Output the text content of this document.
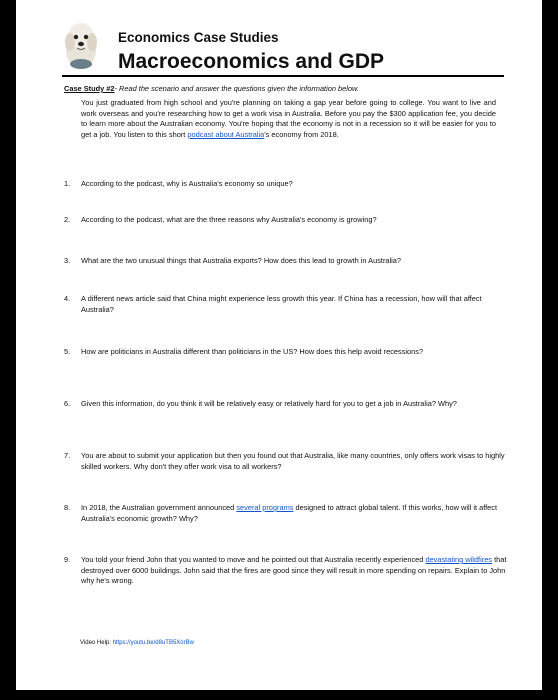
Economics Case Studies
Macroeconomics and GDP
Case Study #2- Read the scenario and answer the questions given the information below.
You just graduated from high school and you're planning on taking a gap year before going to college. You want to live and work overseas and you're researching how to get a work visa in Australia. Before you pay the $300 application fee, you decide to learn more about the Australian economy. You're hoping that the economy is not in a recession so it will be easier for you to get a job. You listen to this short podcast about Australia's economy from 2018.
1. According to the podcast, why is Australia's economy so unique?
2. According to the podcast, what are the three reasons why Australia's economy is growing?
3. What are the two unusual things that Australia exports? How does this lead to growth in Australia?
4. A different news article said that China might experience less growth this year. If China has a recession, how will that affect Australia?
5. How are politicians in Australia different than politicians in the US? How does this help avoid recessions?
6. Given this information, do you think it will be relatively easy or relatively hard for you to get a job in Australia? Why?
7. You are about to submit your application but then you found out that Australia, like many countries, only offers work visas to highly skilled workers. Why don't they offer work visa to all workers?
8. In 2018, the Australian government announced several programs designed to attract global talent. If this works, how will it affect Australia's economic growth? Why?
9. You told your friend John that you wanted to move and he pointed out that Australia recently experienced devastating wildfires that destroyed over 6000 buildings. John said that the fires are good since they will result in more spending on repairs. Explain to John why he's wrong.
Video Help: https://youtu.be/d8uTB5XorBw
